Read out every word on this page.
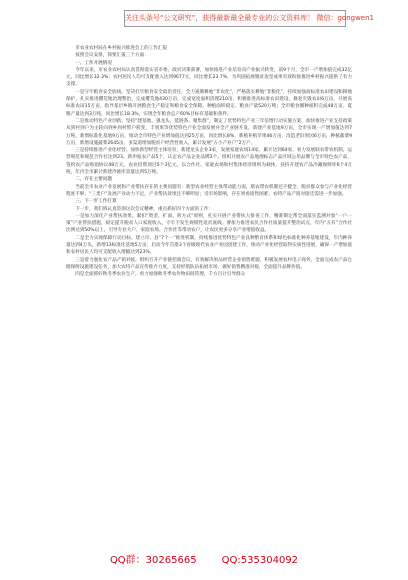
关注头条号“公文研究”，获得最新最全最专业的公文资料库！ 微信：gongwen1

市农业农村局在乡村振兴推进会上的工作汇报

按照会议安排，简要汇报三个方面：

一、工作开展情况

今年以来，市农业农村局认真贯彻落实省市委、政府决策部署，加快推进产业培育向产业振兴转变，前9个月，全市一产增加值完成32亿元，同比增长32.3%；农村居民人均可支配收入达到9677元，同比增长23.7%，为巩固拓展脱贫攻坚成果有效衔接推进乡村振兴提供了有力支撑。

一是守牢粮食安全底线。坚决扛牢粮食安全政治责任，全力遏制耕地“非农化”，严格落实耕地“非粮化”，持续加强高标准农田建设和耕地保护，扎实推进撂荒地治理整治，完成撂荒地430万亩，完成宽度面积清理210亩，积极推进高标准农田建设，修复灾毁农田6万亩，开展高标准农田15万亩，指导基层乡镇开展粮食生产稳定和粮食安全保障，种植面积稳定、粮食产量520万吨；全市粮食播种面积完成48万亩，夏粮产量达到3万吨，同比增长18.3%，实现全年粮食总产60%目标有基础和条件。

二是推动特色产业创新。坚持“建基地、强龙头、延链条、聚集群”，制定了优势特色产业三年倍增行动实施方案，加快推进产业支持政策从到村到户为主转向到乡到村带户转变，丰果果等优势特色产业全面发展并全产业链开发，新建产业基地9万亩，全市实现一产增加值达到7万吨，新增标准化基地9万亩，推动全市特色产业增加值达到25万亩，同比增长8%，新植补植苹果46万亩，改造老旧果园6万亩，种植蔬菜9万亩，新增设施蔬菜2645亩。多渠道增加脱贫户经营性收入，累计发展“五小产业户”2万户。

三是持续推进产业化经营。加快新型经营主体培育，新建龙头企业3家，发展家庭农场14家，累计达到64家，看力发展联农带农机制，运营规范和规范合作社达到23。新申报农产品5个，认定农产品企业品牌3个。组织开展农产品地理标志产品区域公用品牌与全市特色农产品，签约农产品购销协议48万元。农业投资项目5个3亿元。以合作社、家庭农场和村集体经济组织为载体，扶持开建农产品冷藏保鲜库6个4万吨，年内全市累计新建冷链库容量达到5万吨。

二、存在主要问题

当前全市农业产业发展和产业帮扶存在的主要问题有：新型农业经营主体带动能力弱，联农带农机制还不健全，脱贫群众参与产业化经营程度不够；“三类户”发展产业动力不足，产业帮扶效果还不够明显；受市场影响，存在果看销售困难，农特产品产销对接还需进一步加强。

三、下一步工作打算

下一步，我们将认真贯彻这次会议精神，重点抓好四个方面的工作：

一是加力深化产业帮扶效果。紧扣“资金、扩面、转方式”原则，扎实开展产业帮扶大排查工作，精准制定帮全面落实监测对象“一户一策”产业帮扶措施，稳定提升脱贫人口家庭收入，守牢不发生规模性返贫底线。要加力推进农民合作社质量提升整治试点，年内“五有”合作社比例达到50%以上，引导专业大户、家庭农场、合作社等带动农户，让农民更多分享产业增值收益。

二是全力实现保障行动目标。建立市、县“7个一”推进机制，持续推进优势特色产业良种繁育体系和绿色标准化种养基地建设，年内种养量达到4万头，新增13标准化基地5万亩；启动今年首批3个省级现代农业产业园创建工作，推动产业化经营取得实质性进展，确保一产增加值和农村居民人均可支配收入增幅达到23%。

三是着力强化农产品产销对接。组织召开产业链招商会议，有效解决果品经营企业销售难题，积极发展农村电子商务，全面完成农产品仓储保鲜设施建设任务，加大农特产品宣传推介力度，支持经销队伍拓展市场，做好销售精准对接，全面提升品牌价值。

四是全面抓好秋冬季农业生产。看力加强秋冬季农作物田间管理，千方百计引导群众

QQ群：30265665	QQ:535304092
